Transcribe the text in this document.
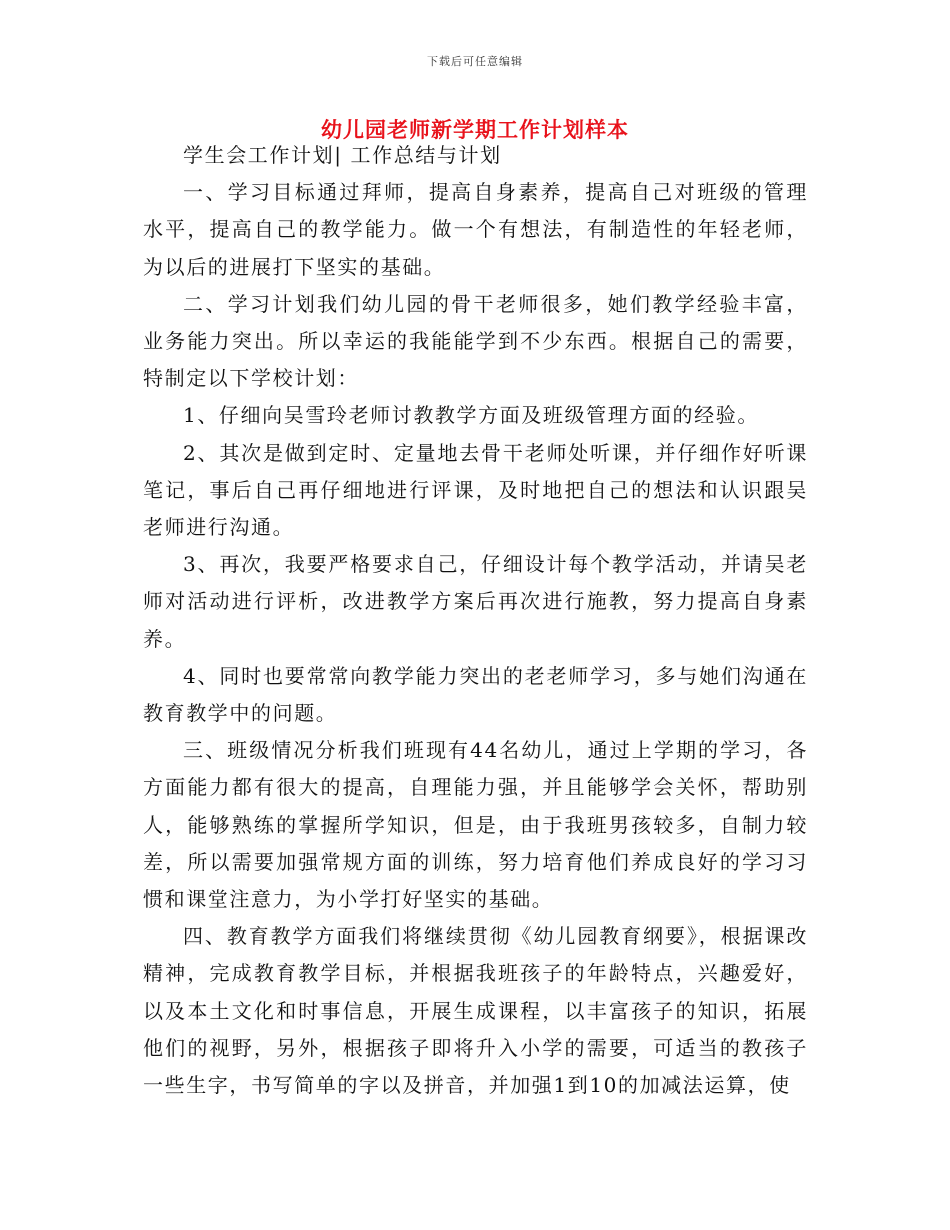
下载后可任意编辑
幼儿园老师新学期工作计划样本

学生会工作计划| 工作总结与计划

一、学习目标通过拜师，提高自身素养，提高自己对班级的管理水平，提高自己的教学能力。做一个有想法，有制造性的年轻老师，为以后的进展打下坚实的基础。

二、学习计划我们幼儿园的骨干老师很多，她们教学经验丰富，业务能力突出。所以幸运的我能能学到不少东西。根据自己的需要，特制定以下学校计划：

1、仔细向吴雪玲老师讨教教学方面及班级管理方面的经验。

2、其次是做到定时、定量地去骨干老师处听课，并仔细作好听课笔记，事后自己再仔细地进行评课，及时地把自己的想法和认识跟吴老师进行沟通。

3、再次，我要严格要求自己，仔细设计每个教学活动，并请吴老师对活动进行评析，改进教学方案后再次进行施教，努力提高自身素养。

4、同时也要常常向教学能力突出的老老师学习，多与她们沟通在教育教学中的问题。

三、班级情况分析我们班现有44名幼儿，通过上学期的学习，各方面能力都有很大的提高，自理能力强，并且能够学会关怀，帮助别人，能够熟练的掌握所学知识，但是，由于我班男孩较多，自制力较差，所以需要加强常规方面的训练，努力培育他们养成良好的学习习惯和课堂注意力，为小学打好坚实的基础。

四、教育教学方面我们将继续贯彻《幼儿园教育纲要》，根据课改精神，完成教育教学目标，并根据我班孩子的年龄特点，兴趣爱好，以及本土文化和时事信息，开展生成课程，以丰富孩子的知识，拓展他们的视野，另外，根据孩子即将升入小学的需要，可适当的教孩子一些生字，书写简单的字以及拼音，并加强1到10的加减法运算，使
